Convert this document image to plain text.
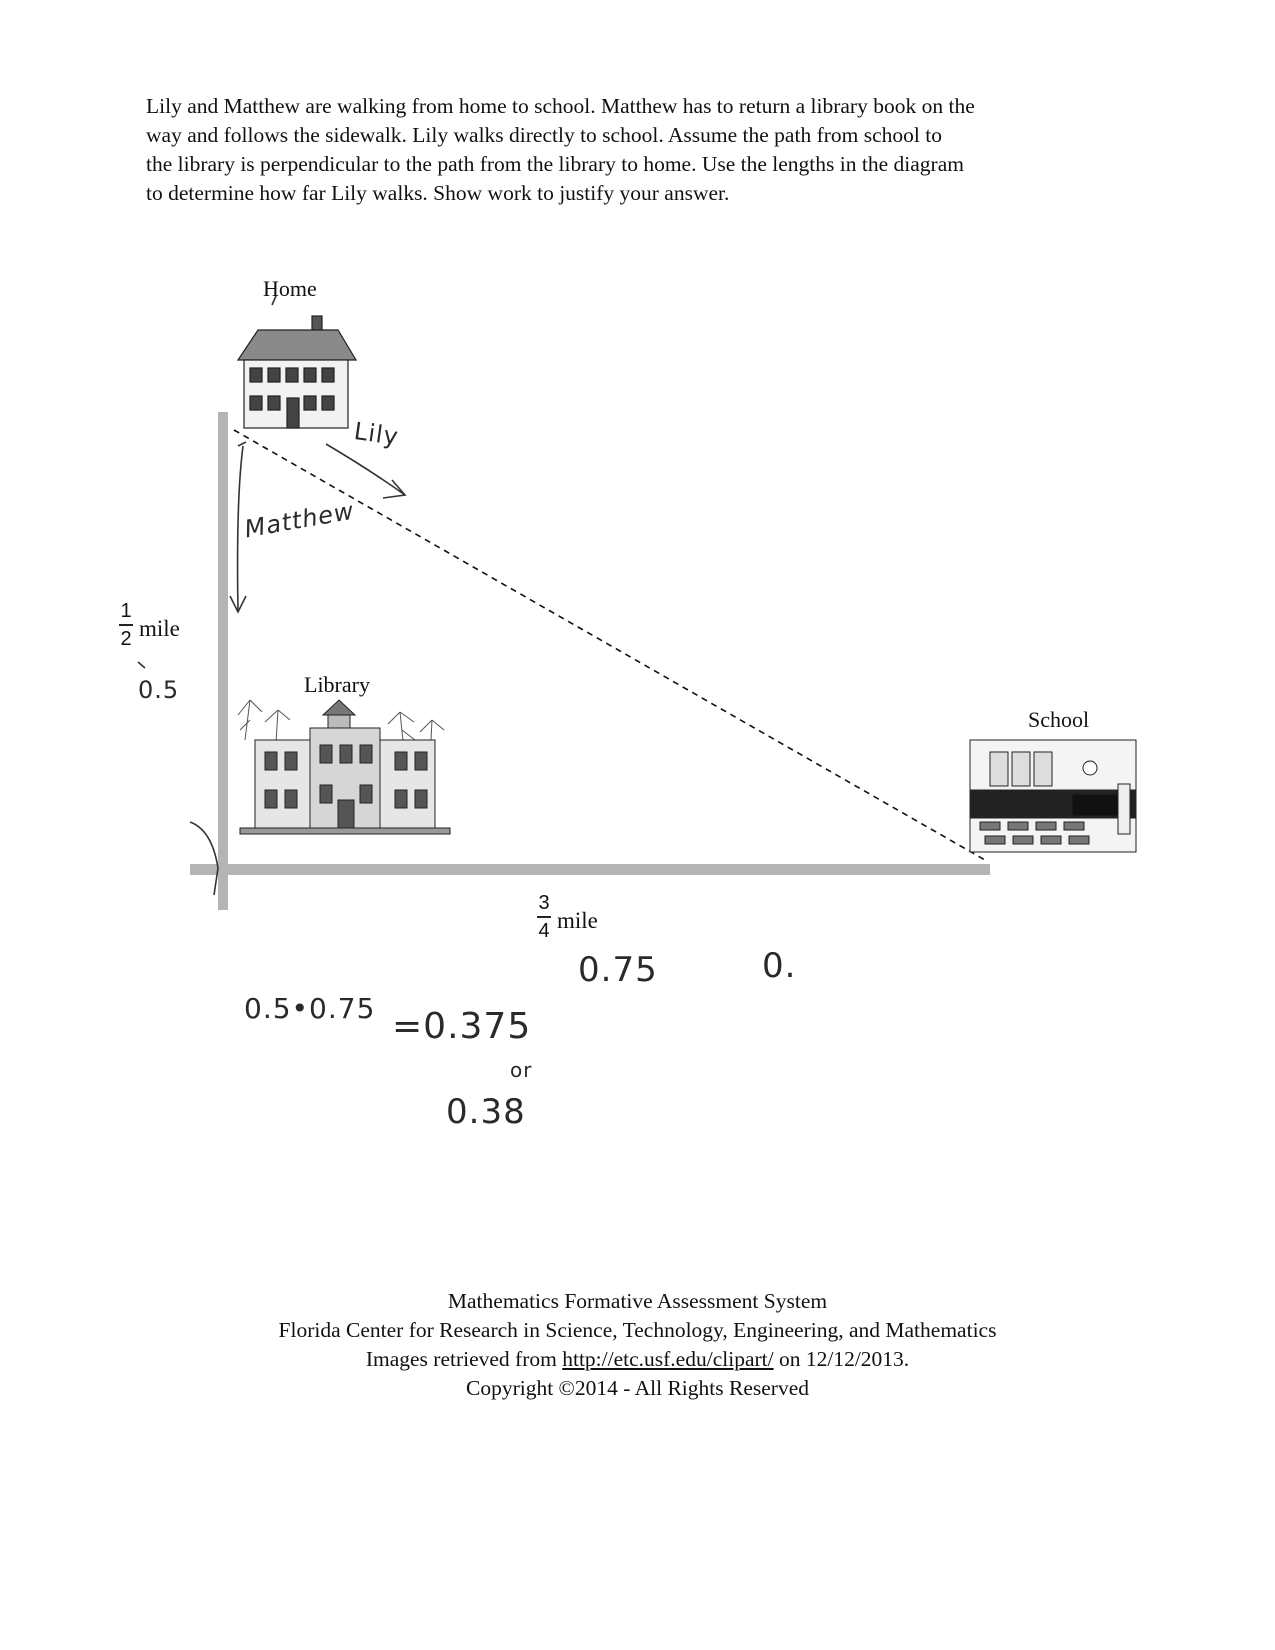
Lily and Matthew are walking from home to school. Matthew has to return a library book on the
way and follows the sidewalk. Lily walks directly to school. Assume the path from school to
the library is perpendicular to the path from the library to home. Use the lengths in the diagram
to determine how far Lily walks. Show work to justify your answer.
Home
Library
School
1
2 mile
3
4 mile
Lily
Matthew
0.5
0.75	0.
0.5•0.75 =0.375
or
0.38
Mathematics Formative Assessment System
Florida Center for Research in Science, Technology, Engineering, and Mathematics
Images retrieved from http://etc.usf.edu/clipart/ on 12/12/2013.
Copyright ©2014 - All Rights Reserved
